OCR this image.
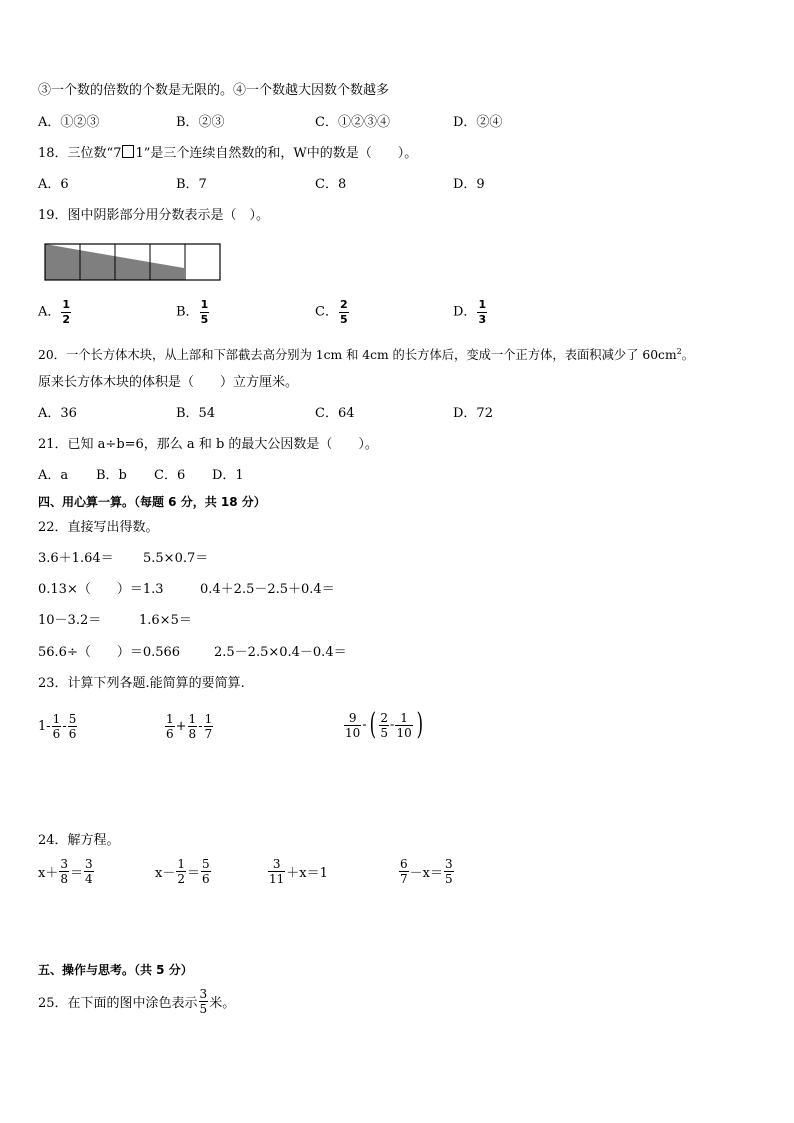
③一个数的倍数的个数是无限的。④一个数越大因数个数越多
A．①②③	B．②③	C．①②③④	D．②④
18．三位数“7 1”是三个连续自然数的和，W中的数是（　　）。
A．6	B．7	C．8	D．9
19．图中阴影部分用分数表示是（　）。
A． $\frac{1}{2}$	B． $\frac{1}{5}$	C． $\frac{2}{5}$	D． $\frac{1}{3}$
20．一个长方体木块，从上部和下部截去高分别为 1cm 和 4cm 的长方体后，变成一个正方体，表面积减少了 $60cm^2$。
原来长方体木块的体积是（　　）立方厘米。
A．36	B．54	C．64	D．72
21．已知 a÷b=6，那么 a 和 b 的最大公因数是（　　）。
A．a B．b C．6 D．1
四、用心算一算。（每题 6 分，共 18 分）
22．直接写出得数。
3.6＋1.64＝ 5.5×0.7＝
0.13×（　　）＝1.3	0.4＋2.5－2.5＋0.4＝
10－3.2＝	1.6×5＝
56.6÷（　　）＝0.566	2.5－2.5×0.4－0.4＝
23．计算下列各题.能简算的要简算.
$1- \frac{1}{6} - \frac{5}{6}$	$\frac{1}{6} + \frac{1}{8} - \frac{1}{7}$	$\frac{9}{10}$ -( $\frac{2}{5} - \frac{1}{10}$ )
24．解方程。
$x+ \frac{3}{8} = \frac{3}{4}$	$x- \frac{1}{2} = \frac{5}{6}$	$\frac{3}{11} +x=1$	$\frac{6}{7} -x= \frac{3}{5}$
五、操作与思考。（共 5 分）
25．在下面的图中涂色表示 $\frac{3}{5}$ 米。
